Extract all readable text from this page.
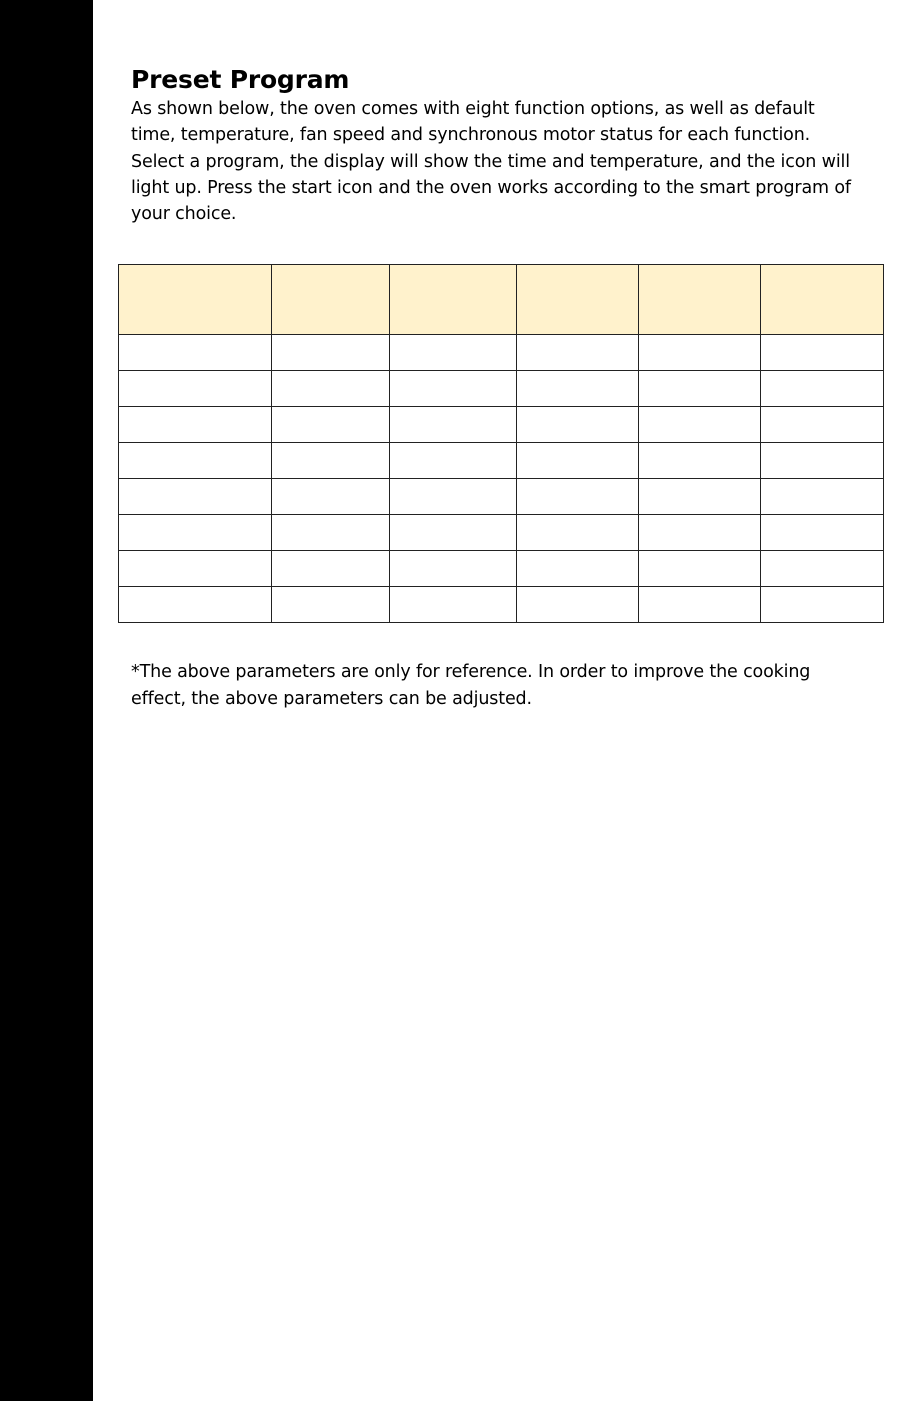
Preset Program

As shown below, the oven comes with eight function options, as well as default time, temperature, fan speed and synchronous motor status for each function. Select a program, the display will show the time and temperature, and the icon will light up. Press the start icon and the oven works according to the smart program of your choice.

*The above parameters are only for reference. In order to improve the cooking effect, the above parameters can be adjusted.
